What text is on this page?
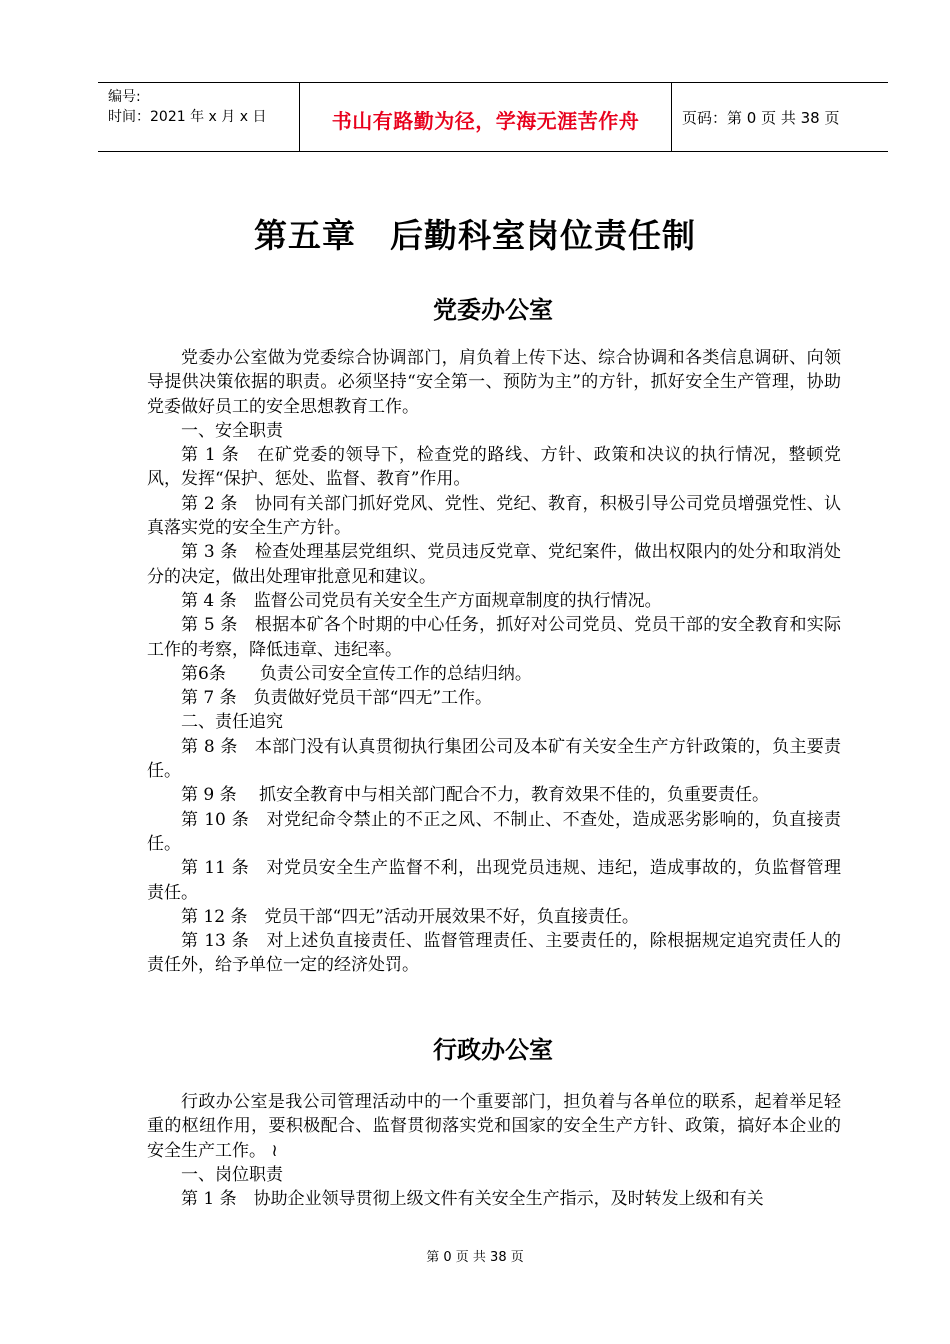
编号:
时间：2021 年 x 月 x 日	书山有路勤为径，学海无涯苦作舟	页码：第 0 页 共 38 页
第五章　后勤科室岗位责任制
党委办公室

党委办公室做为党委综合协调部门，肩负着上传下达、综合协调和各类信息调研、向领导提供决策依据的职责。必须坚持“安全第一、预防为主”的方针，抓好安全生产管理，协助党委做好员工的安全思想教育工作。

一、安全职责

第 1 条　在矿党委的领导下，检查党的路线、方针、政策和决议的执行情况，整顿党风，发挥“保护、惩处、监督、教育”作用。

第 2 条　协同有关部门抓好党风、党性、党纪、教育，积极引导公司党员增强党性、认真落实党的安全生产方针。

第 3 条　检查处理基层党组织、党员违反党章、党纪案件，做出权限内的处分和取消处分的决定，做出处理审批意见和建议。

第 4 条　监督公司党员有关安全生产方面规章制度的执行情况。

第 5 条　根据本矿各个时期的中心任务，抓好对公司党员、党员干部的安全教育和实际工作的考察，降低违章、违纪率。

第6条　　负责公司安全宣传工作的总结归纳。

第 7 条　负责做好党员干部“四无”工作。

二、责任追究

第 8 条　本部门没有认真贯彻执行集团公司及本矿有关安全生产方针政策的，负主要责任。

第 9 条　 抓安全教育中与相关部门配合不力，教育效果不佳的，负重要责任。

第 10 条　对党纪命令禁止的不正之风、不制止、不查处，造成恶劣影响的，负直接责任。

第 11 条　对党员安全生产监督不利，出现党员违规、违纪，造成事故的，负监督管理责任。

第 12 条　党员干部“四无”活动开展效果不好，负直接责任。

第 13 条　对上述负直接责任、监督管理责任、主要责任的，除根据规定追究责任人的责任外，给予单位一定的经济处罚。

行政办公室

行政办公室是我公司管理活动中的一个重要部门，担负着与各单位的联系，起着举足轻重的枢纽作用，要积极配合、监督贯彻落实党和国家的安全生产方针、政策，搞好本企业的安全生产工作。 ≀

一、岗位职责

第 1 条　协助企业领导贯彻上级文件有关安全生产指示，及时转发上级和有关

第 0 页 共 38 页
